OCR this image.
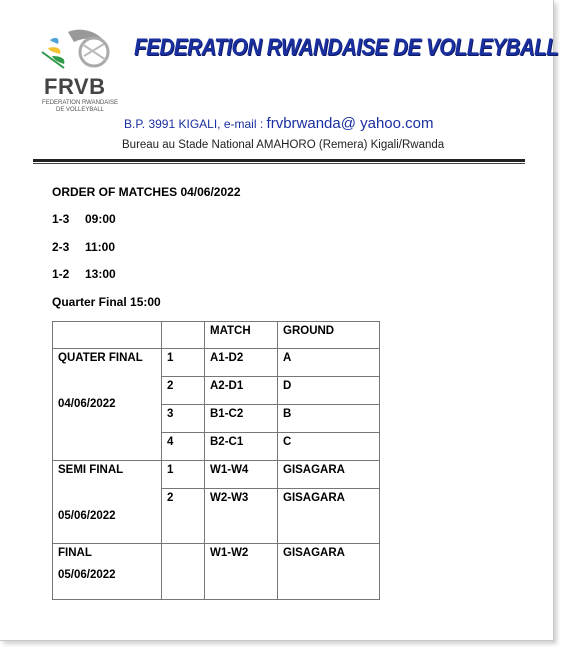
FRVB
FEDERATION RWANDAISE DE VOLLEYBALL
FEDERATION RWANDAISE DE VOLLEYBALL
B.P. 3991 KIGALI, e-mail : frvbrwanda@ yahoo.com
Bureau au Stade National AMAHORO (Remera) Kigali/Rwanda
ORDER OF MATCHES 04/06/2022
1-3 09:00
2-3 11:00
1-2 13:00
Quarter Final 15:00

		MATCH	GROUND

QUATER FINAL
04/06/2022	1	A1-D2	A

	2	A2-D1	D

	3	B1-C2	B

	4	B2-C1	C

SEMI FINAL
05/06/2022	1	W1-W4	GISAGARA

	2	W2-W3	GISAGARA

FINAL
05/06/2022		W1-W2	GISAGARA
